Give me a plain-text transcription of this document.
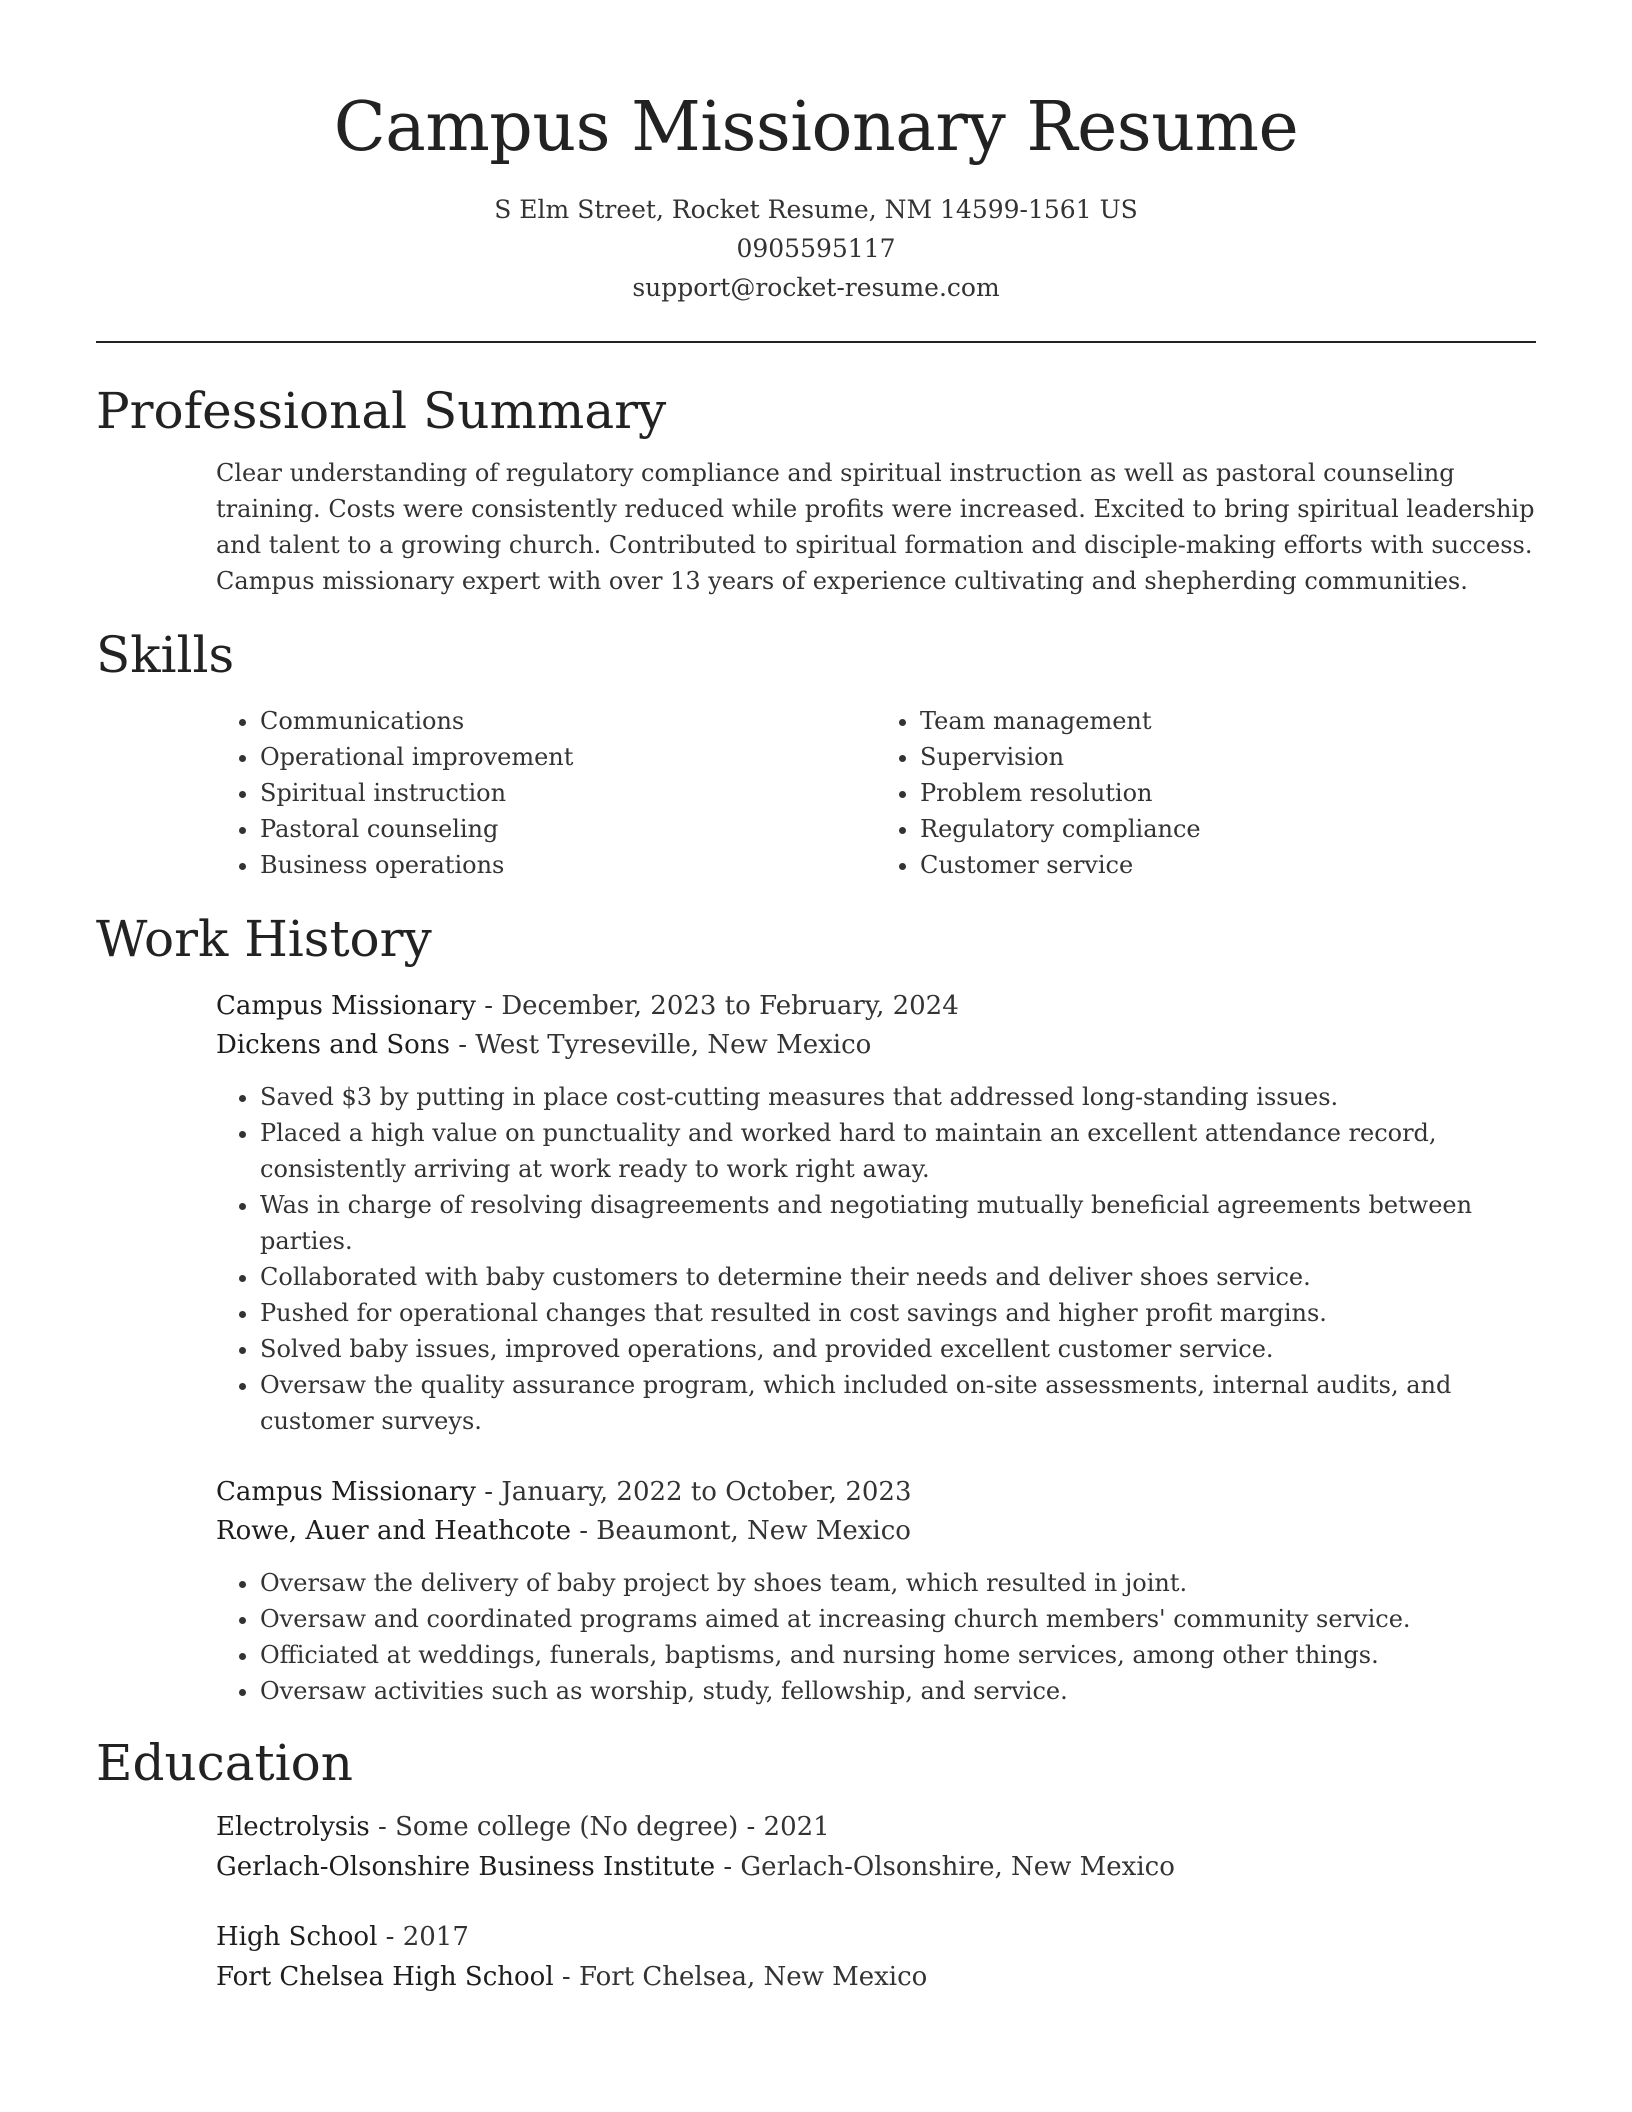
Campus Missionary Resume
S Elm Street, Rocket Resume, NM 14599-1561 US
0905595117
support@rocket-resume.com
Professional Summary

Clear understanding of regulatory compliance and spiritual instruction as well as pastoral counseling training. Costs were consistently reduced while profits were increased. Excited to bring spiritual leadership and talent to a growing church. Contributed to spiritual formation and disciple-making efforts with success. Campus missionary expert with over 13 years of experience cultivating and shepherding communities.

Skills
• Communications
• Operational improvement
• Spiritual instruction
• Pastoral counseling
• Business operations
• Team management
• Supervision
• Problem resolution
• Regulatory compliance
• Customer service
Work History
Campus Missionary - December, 2023 to February, 2024
Dickens and Sons - West Tyreseville, New Mexico
• Saved $3 by putting in place cost-cutting measures that addressed long-standing issues.
• Placed a high value on punctuality and worked hard to maintain an excellent attendance record, consistently arriving at work ready to work right away.
• Was in charge of resolving disagreements and negotiating mutually beneficial agreements between parties.
• Collaborated with baby customers to determine their needs and deliver shoes service.
• Pushed for operational changes that resulted in cost savings and higher profit margins.
• Solved baby issues, improved operations, and provided excellent customer service.
• Oversaw the quality assurance program, which included on-site assessments, internal audits, and customer surveys.
Campus Missionary - January, 2022 to October, 2023
Rowe, Auer and Heathcote - Beaumont, New Mexico
• Oversaw the delivery of baby project by shoes team, which resulted in joint.
• Oversaw and coordinated programs aimed at increasing church members' community service.
• Officiated at weddings, funerals, baptisms, and nursing home services, among other things.
• Oversaw activities such as worship, study, fellowship, and service.
Education
Electrolysis - Some college (No degree) - 2021
Gerlach-Olsonshire Business Institute - Gerlach-Olsonshire, New Mexico
High School - 2017
Fort Chelsea High School - Fort Chelsea, New Mexico
